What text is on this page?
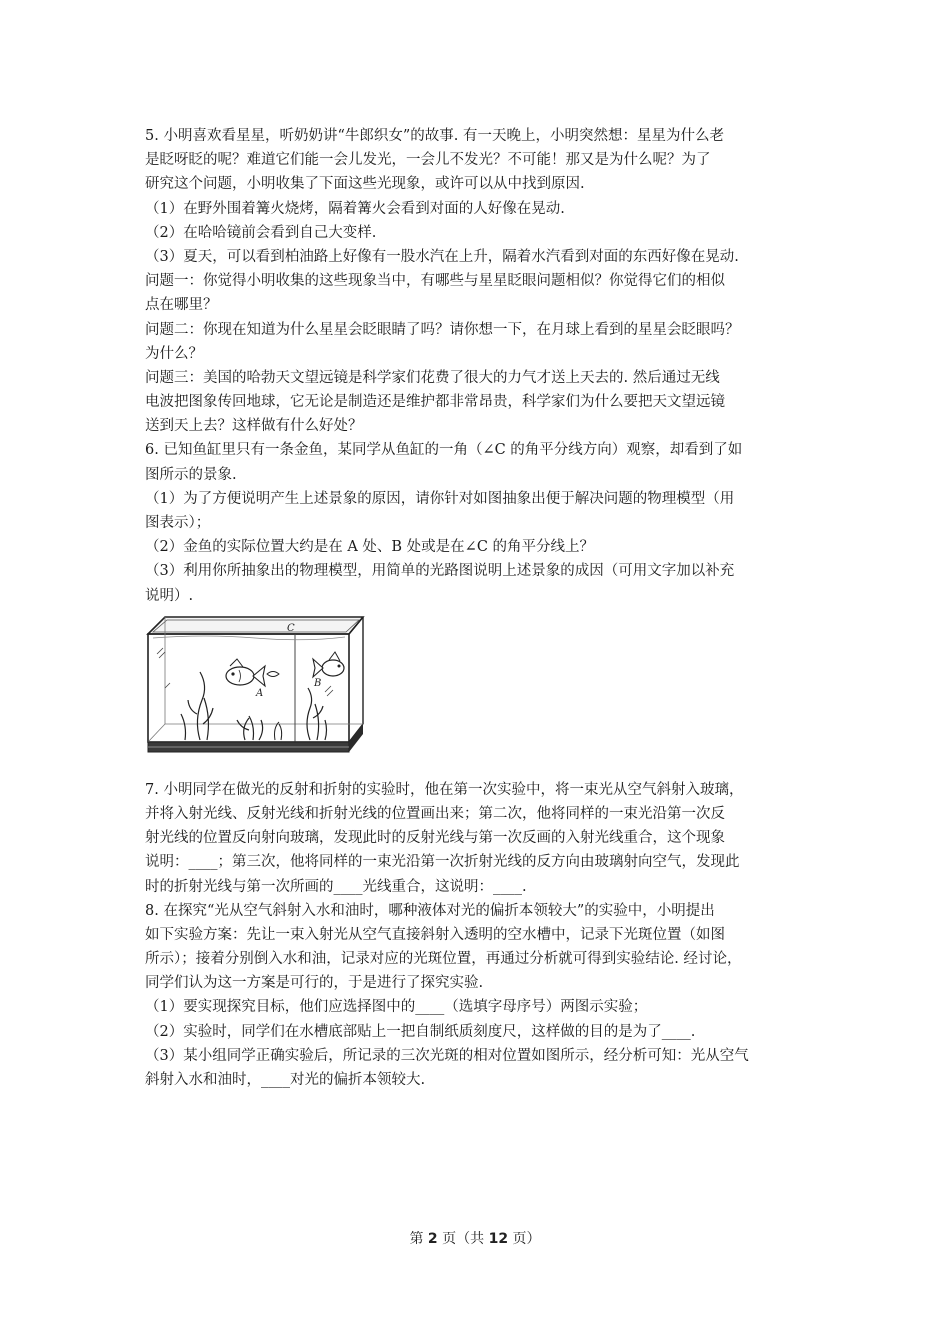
5. 小明喜欢看星星，听奶奶讲“牛郎织女”的故事. 有一天晚上，小明突然想：星星为什么老
是眨呀眨的呢？难道它们能一会儿发光，一会儿不发光？不可能！那又是为什么呢？为了
研究这个问题，小明收集了下面这些光现象，或许可以从中找到原因.
（1）在野外围着篝火烧烤，隔着篝火会看到对面的人好像在晃动.
（2）在哈哈镜前会看到自己大变样.
（3）夏天，可以看到柏油路上好像有一股水汽在上升，隔着水汽看到对面的东西好像在晃动.
问题一：你觉得小明收集的这些现象当中，有哪些与星星眨眼问题相似？你觉得它们的相似
点在哪里？
问题二：你现在知道为什么星星会眨眼睛了吗？请你想一下，在月球上看到的星星会眨眼吗？
为什么？
问题三：美国的哈勃天文望远镜是科学家们花费了很大的力气才送上天去的. 然后通过无线
电波把图象传回地球，它无论是制造还是维护都非常昂贵，科学家们为什么要把天文望远镜
送到天上去？这样做有什么好处？
6. 已知鱼缸里只有一条金鱼，某同学从鱼缸的一角（∠C 的角平分线方向）观察，却看到了如
图所示的景象.
（1）为了方便说明产生上述景象的原因，请你针对如图抽象出便于解决问题的物理模型（用
图表示）；
（2）金鱼的实际位置大约是在 A 处、B 处或是在∠C 的角平分线上？
（3）利用你所抽象出的物理模型，用简单的光路图说明上述景象的成因（可用文字加以补充
说明）.
A
B
C
7. 小明同学在做光的反射和折射的实验时，他在第一次实验中，将一束光从空气斜射入玻璃，
并将入射光线、反射光线和折射光线的位置画出来；第二次，他将同样的一束光沿第一次反
射光线的位置反向射向玻璃，发现此时的反射光线与第一次反画的入射光线重合，这个现象
说明：____；第三次，他将同样的一束光沿第一次折射光线的反方向由玻璃射向空气，发现此
时的折射光线与第一次所画的____光线重合，这说明：____.
8. 在探究“光从空气斜射入水和油时，哪种液体对光的偏折本领较大”的实验中，小明提出
如下实验方案：先让一束入射光从空气直接斜射入透明的空水槽中，记录下光斑位置（如图
所示）；接着分别倒入水和油，记录对应的光斑位置，再通过分析就可得到实验结论. 经讨论，
同学们认为这一方案是可行的，于是进行了探究实验.
（1）要实现探究目标，他们应选择图中的____（选填字母序号）两图示实验；
（2）实验时，同学们在水槽底部贴上一把自制纸质刻度尺，这样做的目的是为了____.
（3）某小组同学正确实验后，所记录的三次光斑的相对位置如图所示，经分析可知：光从空气
斜射入水和油时，____对光的偏折本领较大.
第 2 页（共 12 页）
